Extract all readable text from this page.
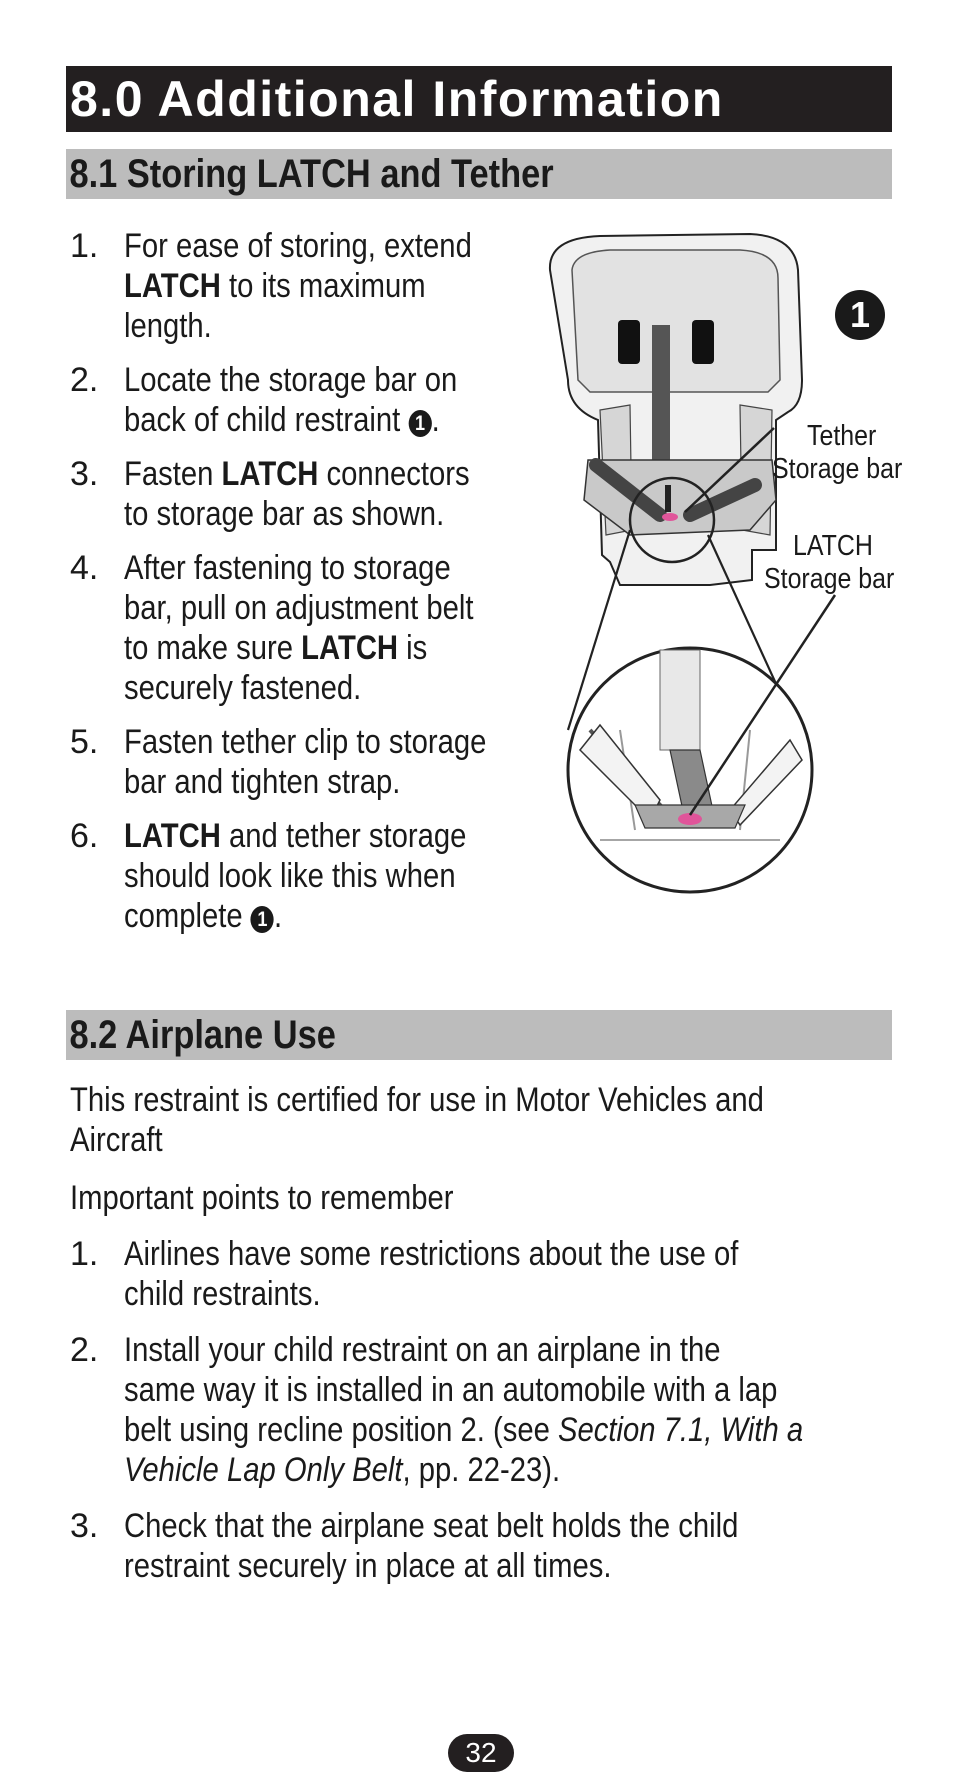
8.0 Additional Information
8.1 Storing LATCH and Tether
1. For ease of storing, extend
LATCH to its maximum
length.
2. Locate the storage bar on
back of child restraint 1 .
3. Fasten LATCH connectors
to storage bar as shown.
4. After fastening to storage
bar, pull on adjustment belt
to make sure LATCH is
securely fastened.
5. Fasten tether clip to storage
bar and tighten strap.
6. LATCH and tether storage
should look like this when
complete 1 .
1
Tether
Storage bar
LATCH
Storage bar
8.2 Airplane Use
This restraint is certified for use in Motor Vehicles and
Aircraft
Important points to remember
1. Airlines have some restrictions about the use of
child restraints.
2. Install your child restraint on an airplane in the
same way it is installed in an automobile with a lap
belt using recline position 2. (see Section 7.1, With a
Vehicle Lap Only Belt, pp. 22-23).
3. Check that the airplane seat belt holds the child
restraint securely in place at all times.
32
